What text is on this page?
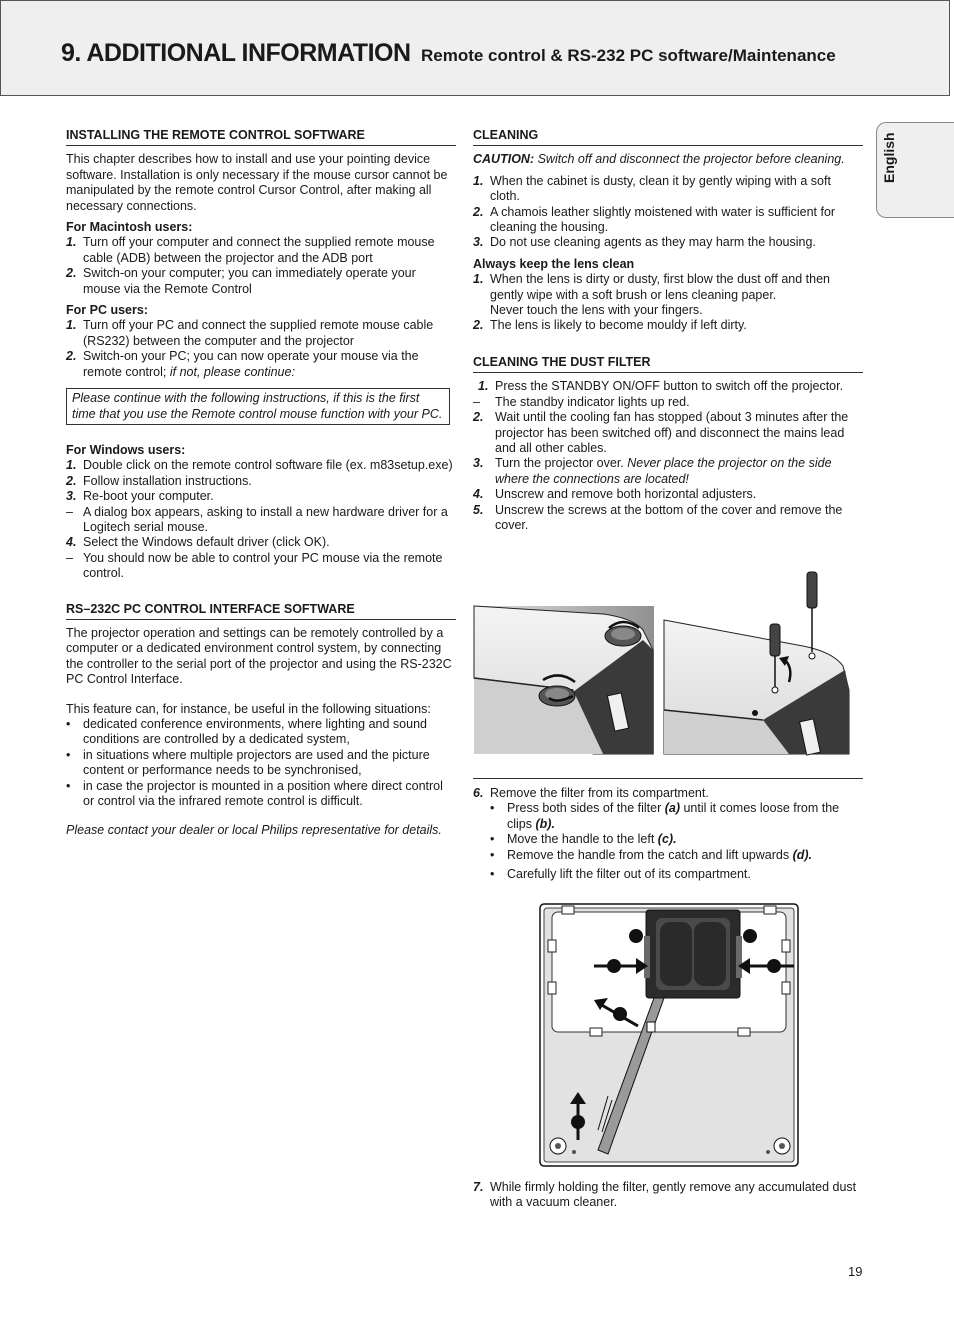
9. ADDITIONAL INFORMATION Remote control & RS-232 PC software/Maintenance
English
INSTALLING THE REMOTE CONTROL SOFTWARE

This chapter describes how to install and use your pointing device software. Installation is only necessary if the mouse cursor cannot be manipulated by the remote control Cursor Control, after making all necessary connections.

For Macintosh users:

1. Turn off your computer and connect the supplied remote mouse cable (ADB) between the projector and the ADB port
2. Switch-on your computer; you can immediately operate your mouse via the Remote Control

For PC users:

1. Turn off your PC and connect the supplied remote mouse cable (RS232) between the computer and the projector
2. Switch-on your PC; you can now operate your mouse via the remote control; if not, please continue:
Please continue with the following instructions, if this is the first time that you use the Remote control mouse function with your PC.

For Windows users:

1. Double click on the remote control software file (ex. m83setup.exe)
2. Follow installation instructions.
3. Re-boot your computer.
– A dialog box appears, asking to install a new hardware driver for a Logitech serial mouse.
4. Select the Windows default driver (click OK).
– You should now be able to control your PC mouse via the remote control.
RS–232C PC CONTROL INTERFACE SOFTWARE

The projector operation and settings can be remotely controlled by a computer or a dedicated environment control system, by connecting the controller to the serial port of the projector and using the RS-232C PC Control Interface.

This feature can, for instance, be useful in the following situations:

• dedicated conference environments, where lighting and sound conditions are controlled by a dedicated system,
• in situations where multiple projectors are used and the picture content or performance needs to be synchronised,
• in case the projector is mounted in a position where direct control or control via the infrared remote control is difficult.

Please contact your dealer or local Philips representative for details.

CLEANING

CAUTION: Switch off and disconnect the projector before cleaning.

1. When the cabinet is dusty, clean it by gently wiping with a soft cloth.
2. A chamois leather slightly moistened with water is sufficient for cleaning the housing.
3. Do not use cleaning agents as they may harm the housing.

Always keep the lens clean

1. When the lens is dirty or dusty, first blow the dust off and then gently wipe with a soft brush or lens cleaning paper.
Never touch the lens with your fingers.
2. The lens is likely to become mouldy if left dirty.
CLEANING THE DUST FILTER
1. Press the STANDBY ON/OFF button to switch off the projector.
– The standby indicator lights up red.
2. Wait until the cooling fan has stopped (about 3 minutes after the projector has been switched off) and disconnect the mains lead and all other cables.
3. Turn the projector over. Never place the projector on the side where the connections are located!
4. Unscrew and remove both horizontal adjusters.
5. Unscrew the screws at the bottom of the cover and remove the cover.
6. Remove the filter from its compartment.
• Press both sides of the filter (a) until it comes loose from the clips (b).
• Move the handle to the left (c).
• Remove the handle from the catch and lift upwards (d).
• Carefully lift the filter out of its compartment.
7. While firmly holding the filter, gently remove any accumulated dust with a vacuum cleaner.
19
